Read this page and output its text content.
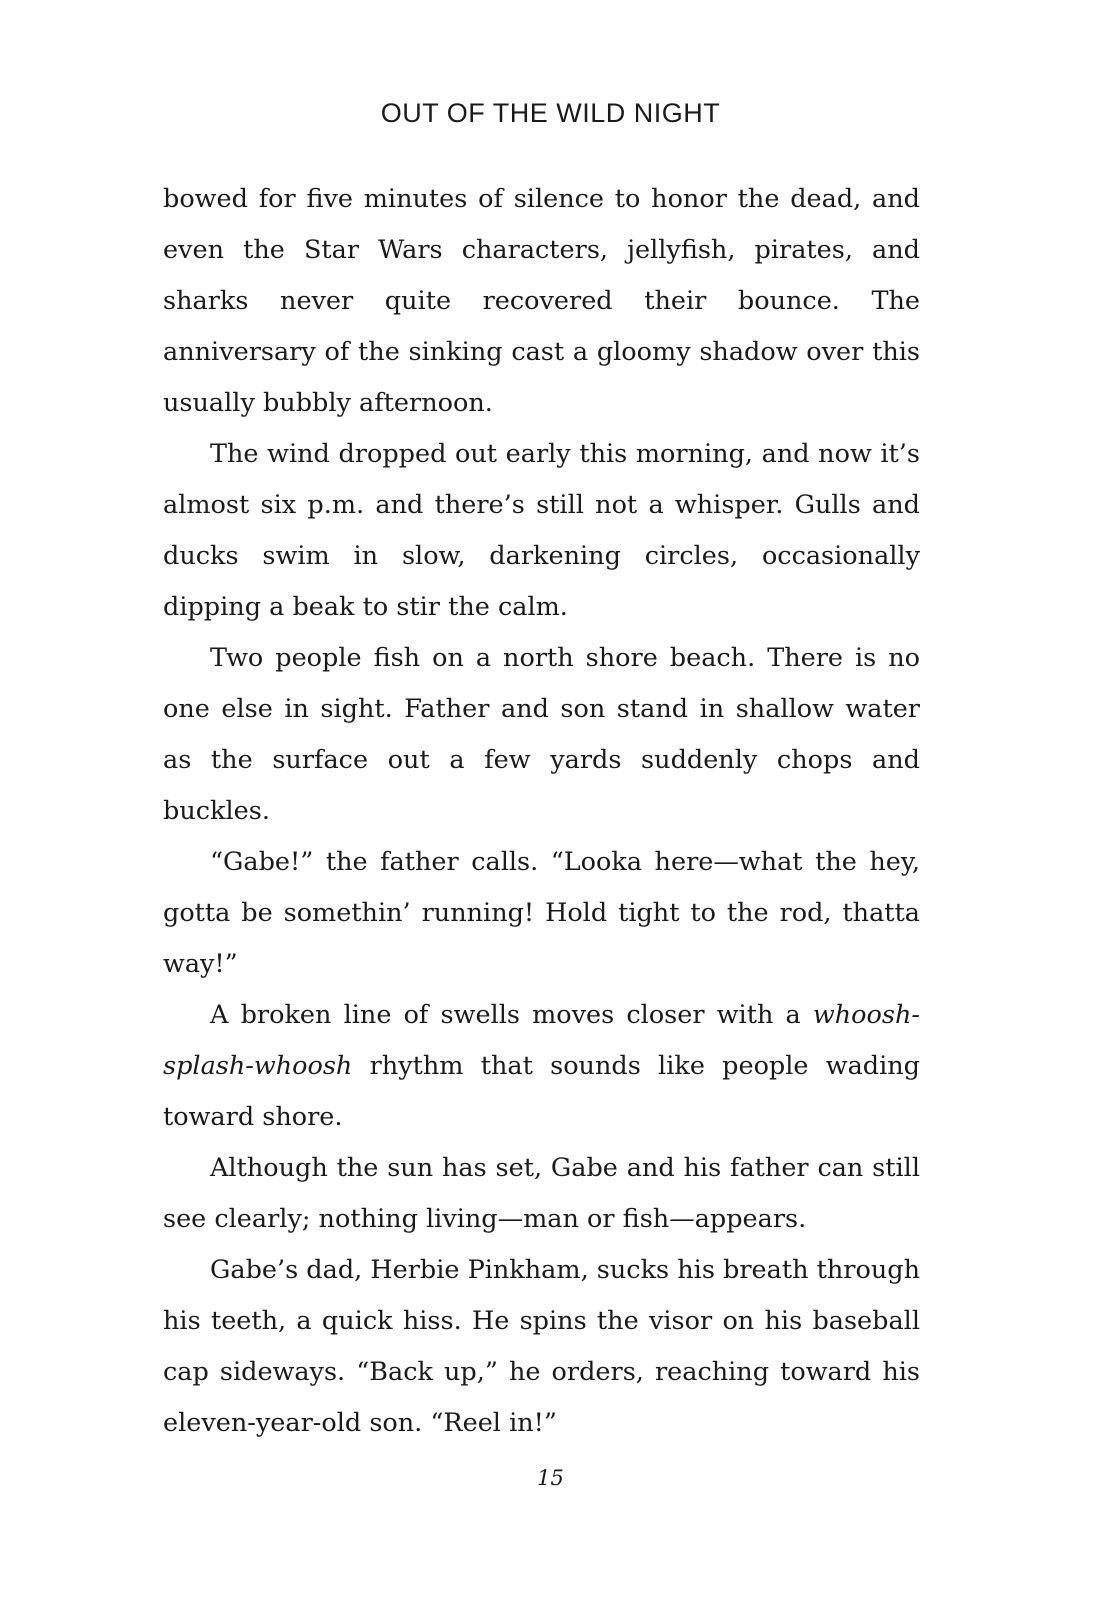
OUT OF THE WILD NIGHT

bowed for five minutes of silence to honor the dead, and even the Star Wars characters, jellyfish, pirates, and sharks never quite recovered their bounce. The anniversary of the sinking cast a gloomy shadow over this usually bubbly afternoon.

The wind dropped out early this morning, and now it’s almost six p.m. and there’s still not a whisper. Gulls and ducks swim in slow, darkening circles, occasionally dipping a beak to stir the calm.

Two people fish on a north shore beach. There is no one else in sight. Father and son stand in shallow water as the surface out a few yards suddenly chops and buckles.

“Gabe!” the father calls. “Looka here—what the hey, gotta be somethin’ running! Hold tight to the rod, thatta way!”

A broken line of swells moves closer with a whoosh-splash-whoosh rhythm that sounds like people wading toward shore.

Although the sun has set, Gabe and his father can still see clearly; nothing living—man or fish—appears.

Gabe’s dad, Herbie Pinkham, sucks his breath through his teeth, a quick hiss. He spins the visor on his baseball cap sideways. “Back up,” he orders, reaching toward his eleven-year-old son. “Reel in!”

15
